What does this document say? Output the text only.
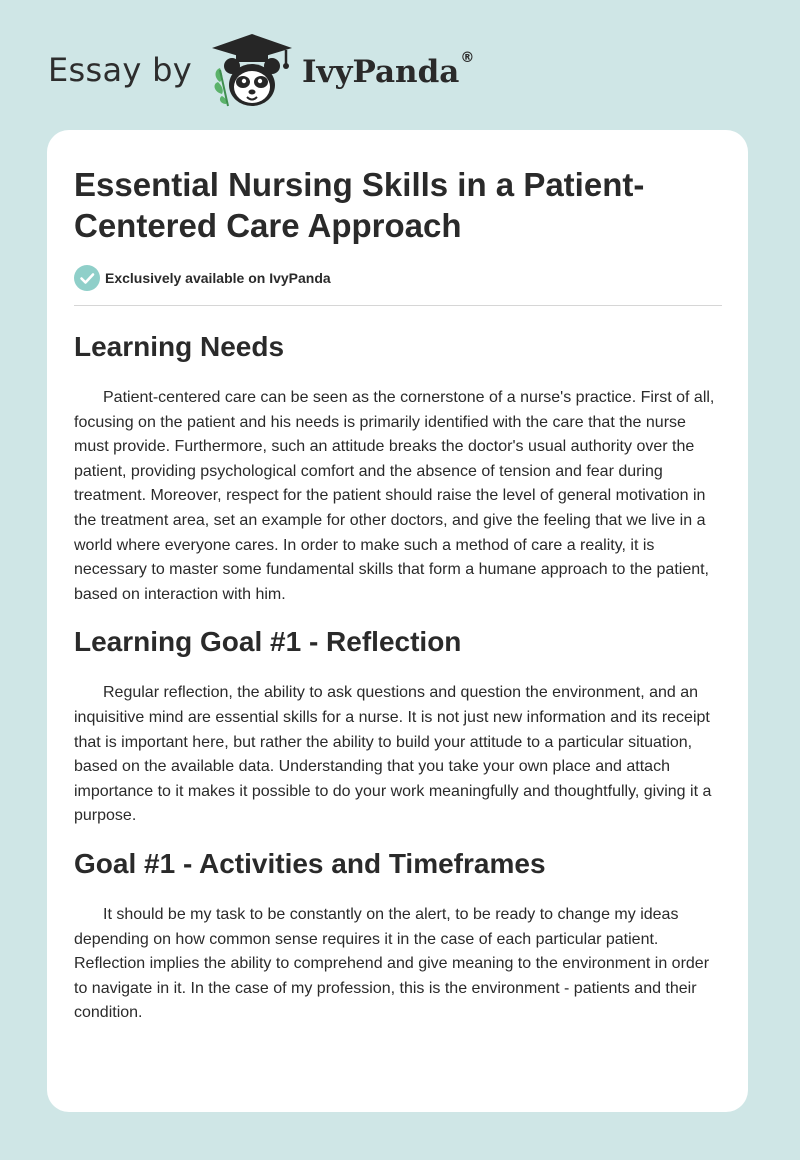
Essay by	IvyPanda ®
Essential Nursing Skills in a Patient-Centered Care Approach
Exclusively available on IvyPanda
Learning Needs

Patient-centered care can be seen as the cornerstone of a nurse's practice. First of all, focusing on the patient and his needs is primarily identified with the care that the nurse must provide. Furthermore, such an attitude breaks the doctor's usual authority over the patient, providing psychological comfort and the absence of tension and fear during treatment. Moreover, respect for the patient should raise the level of general motivation in the treatment area, set an example for other doctors, and give the feeling that we live in a world where everyone cares. In order to make such a method of care a reality, it is necessary to master some fundamental skills that form a humane approach to the patient, based on interaction with him.

Learning Goal #1 - Reflection

Regular reflection, the ability to ask questions and question the environment, and an inquisitive mind are essential skills for a nurse. It is not just new information and its receipt that is important here, but rather the ability to build your attitude to a particular situation, based on the available data. Understanding that you take your own place and attach importance to it makes it possible to do your work meaningfully and thoughtfully, giving it a purpose.

Goal #1 - Activities and Timeframes

It should be my task to be constantly on the alert, to be ready to change my ideas depending on how common sense requires it in the case of each particular patient. Reflection implies the ability to comprehend and give meaning to the environment in order to navigate in it. In the case of my profession, this is the environment - patients and their condition.
